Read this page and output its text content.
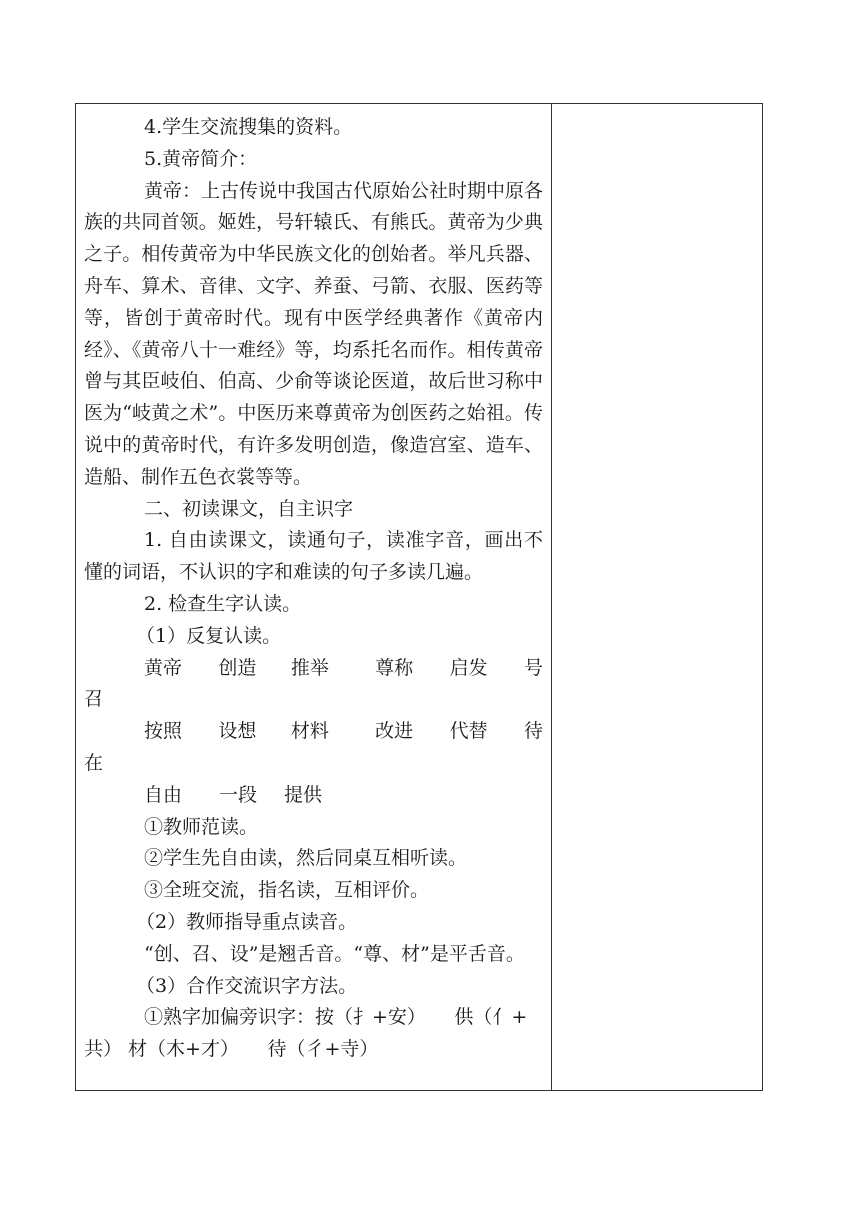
4.学生交流搜集的资料。

5.黄帝简介：

黄帝：上古传说中我国古代原始公社时期中原各族的共同首领。姬姓，号轩辕氏、有熊氏。黄帝为少典之子。相传黄帝为中华民族文化的创始者。举凡兵器、舟车、算术、音律、文字、养蚕、弓箭、衣服、医药等等，皆创于黄帝时代。现有中医学经典著作《黄帝内经》、《黄帝八十一难经》等，均系托名而作。相传黄帝曾与其臣岐伯、伯高、少俞等谈论医道，故后世习称中医为“岐黄之术”。中医历来尊黄帝为创医药之始祖。传说中的黄帝时代，有许多发明创造，像造宫室、造车、造船、制作五色衣裳等等。

二、初读课文，自主识字

1. 自由读课文，读通句子，读准字音，画出不懂的词语，不认识的字和难读的句子多读几遍。

2. 检查生字认读。

（1）反复认读。

黄帝	创造	推举	尊称	启发	号

召

按照	设想	材料	改进	代替	待

在

自由	一段	提供

①教师范读。

②学生先自由读，然后同桌互相听读。

③全班交流，指名读，互相评价。

（2）教师指导重点读音。

“创、召、设”是翘舌音。“尊、材”是平舌音。

（3）合作交流识字方法。

①熟字加偏旁识字：按（扌+安）　　供（亻+

共） 材（木+才）　　待（彳+寺）
